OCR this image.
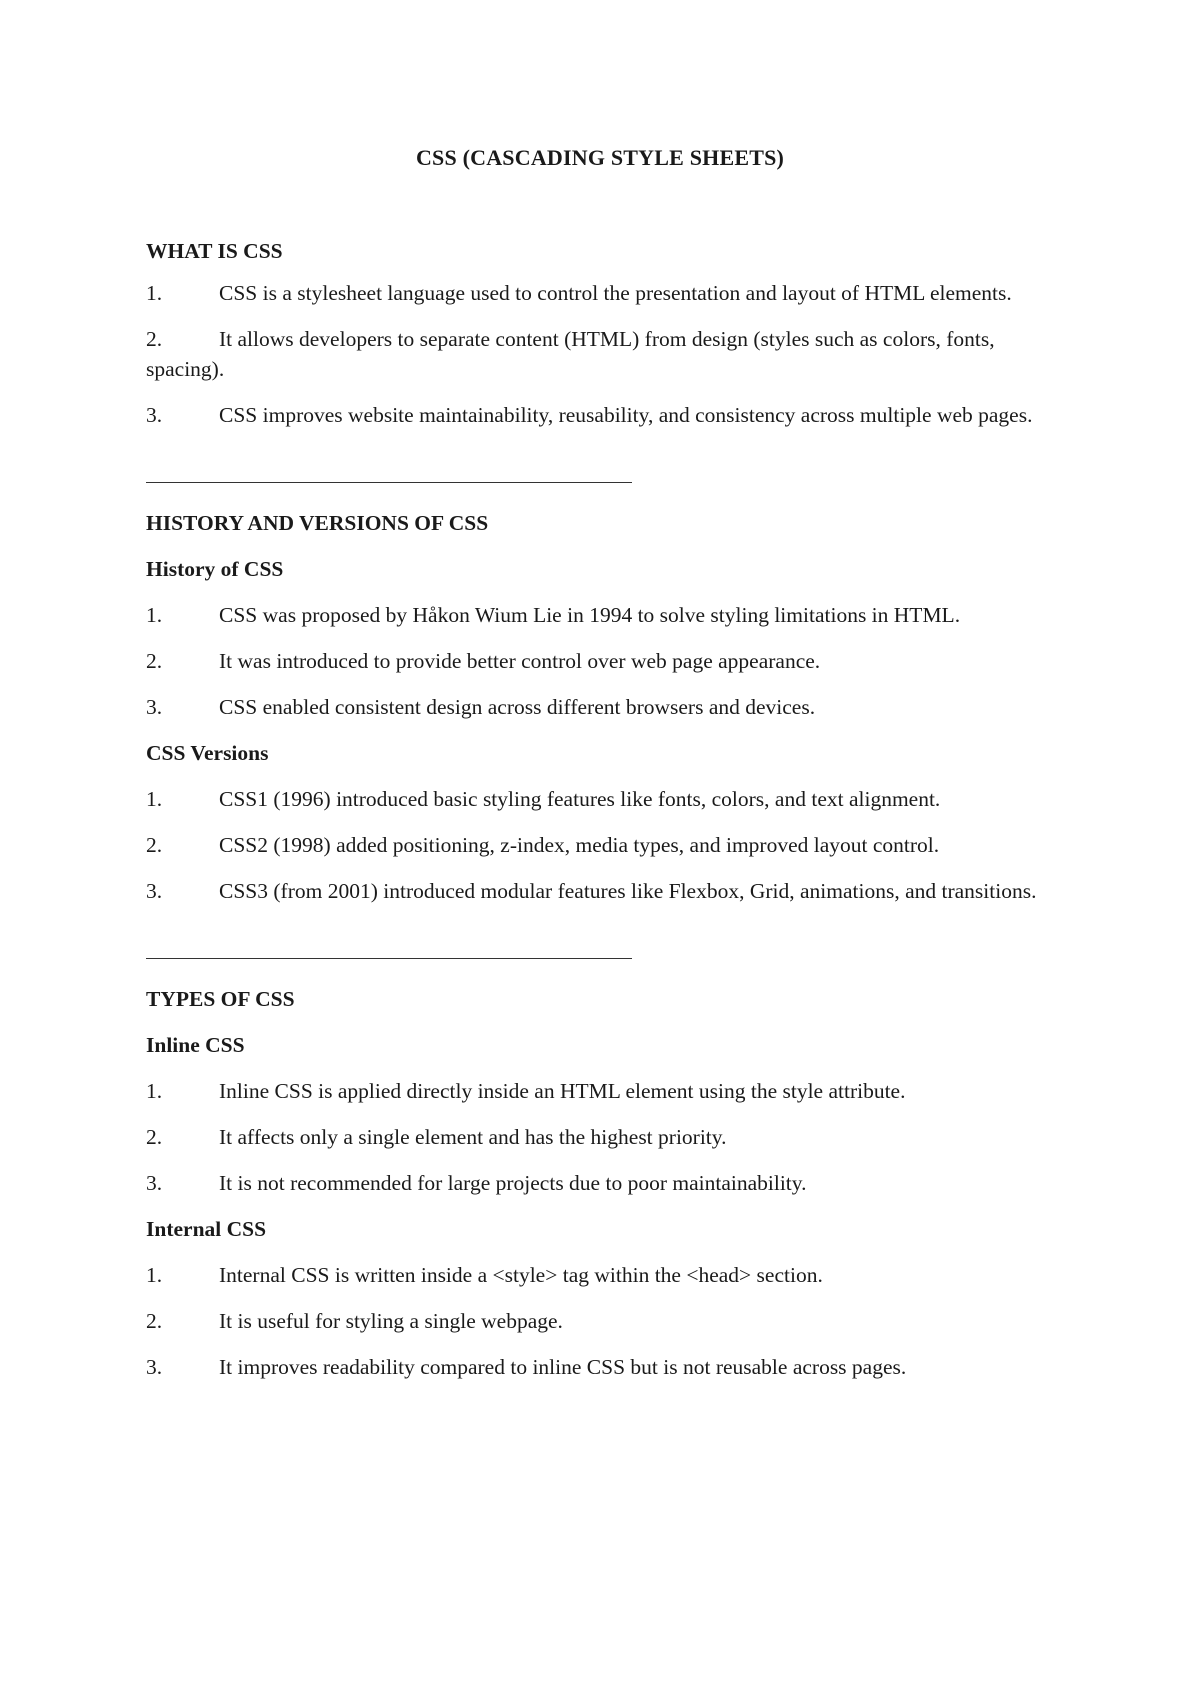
CSS (CASCADING STYLE SHEETS)

WHAT IS CSS

1.	CSS is a stylesheet language used to control the presentation and layout of HTML elements.
2.	It allows developers to separate content (HTML) from design (styles such as colors, fonts, spacing).
3.	CSS improves website maintainability, reusability, and consistency across multiple web pages.

HISTORY AND VERSIONS OF CSS

History of CSS

1.	CSS was proposed by Håkon Wium Lie in 1994 to solve styling limitations in HTML.
2.	It was introduced to provide better control over web page appearance.
3.	CSS enabled consistent design across different browsers and devices.

CSS Versions

1.	CSS1 (1996) introduced basic styling features like fonts, colors, and text alignment.
2.	CSS2 (1998) added positioning, z-index, media types, and improved layout control.
3.	CSS3 (from 2001) introduced modular features like Flexbox, Grid, animations, and transitions.

TYPES OF CSS

Inline CSS

1.	Inline CSS is applied directly inside an HTML element using the style attribute.
2.	It affects only a single element and has the highest priority.
3.	It is not recommended for large projects due to poor maintainability.

Internal CSS

1.	Internal CSS is written inside a <style> tag within the <head> section.
2.	It is useful for styling a single webpage.
3.	It improves readability compared to inline CSS but is not reusable across pages.
